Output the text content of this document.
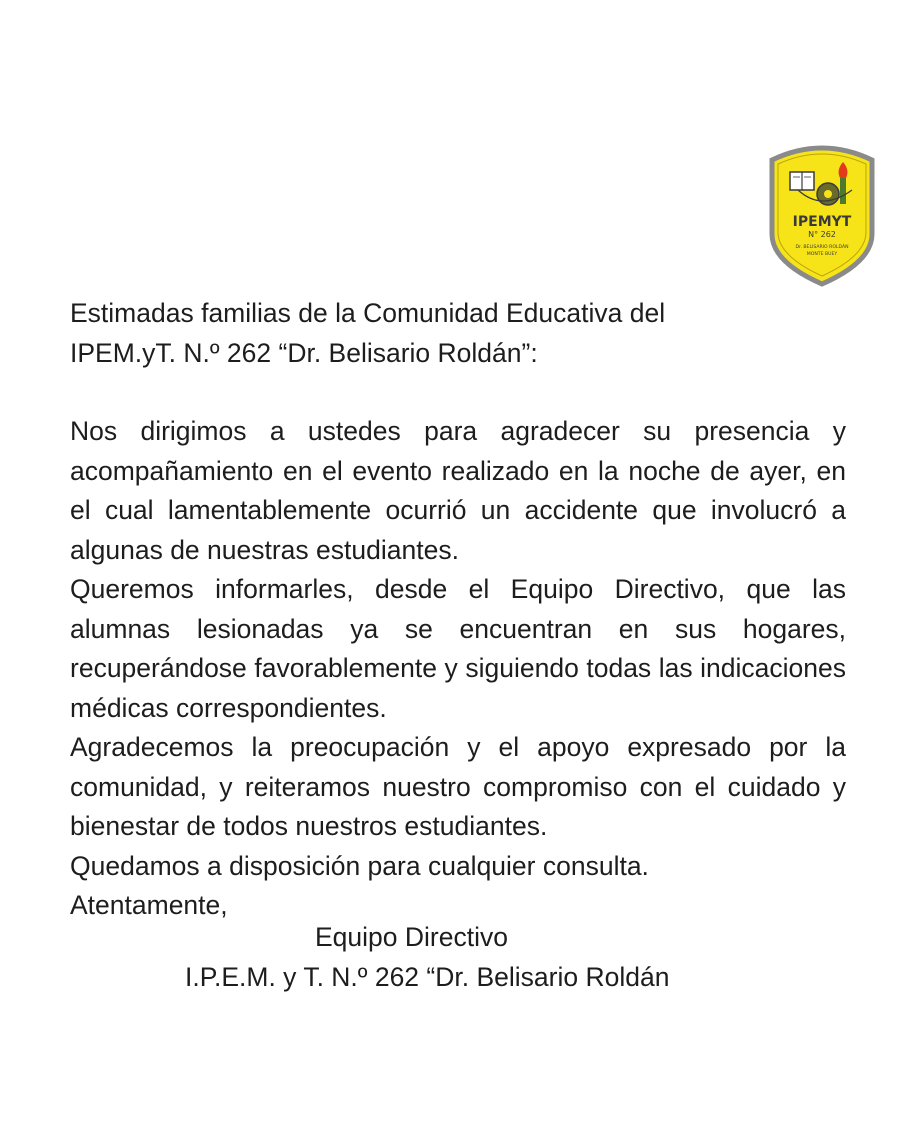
IPEMYT
N° 262
Dr. BELISARIO ROLDÁN
MONTE BUEY

Estimadas familias de la Comunidad Educativa del

IPEM.yT. N.º 262 “Dr. Belisario Roldán”:

Nos dirigimos a ustedes para agradecer su presencia y acompañamiento en el evento realizado en la noche de ayer, en el cual lamentablemente ocurrió un accidente que involucró a algunas de nuestras estudiantes.

Queremos informarles, desde el Equipo Directivo, que las alumnas lesionadas ya se encuentran en sus hogares, recuperándose favorablemente y siguiendo todas las indicaciones médicas correspondientes.

Agradecemos la preocupación y el apoyo expresado por la comunidad, y reiteramos nuestro compromiso con el cuidado y bienestar de todos nuestros estudiantes.

Quedamos a disposición para cualquier consulta.

Atentamente,

Equipo Directivo
I.P.E.M. y T. N.º 262 “Dr. Belisario Roldán
